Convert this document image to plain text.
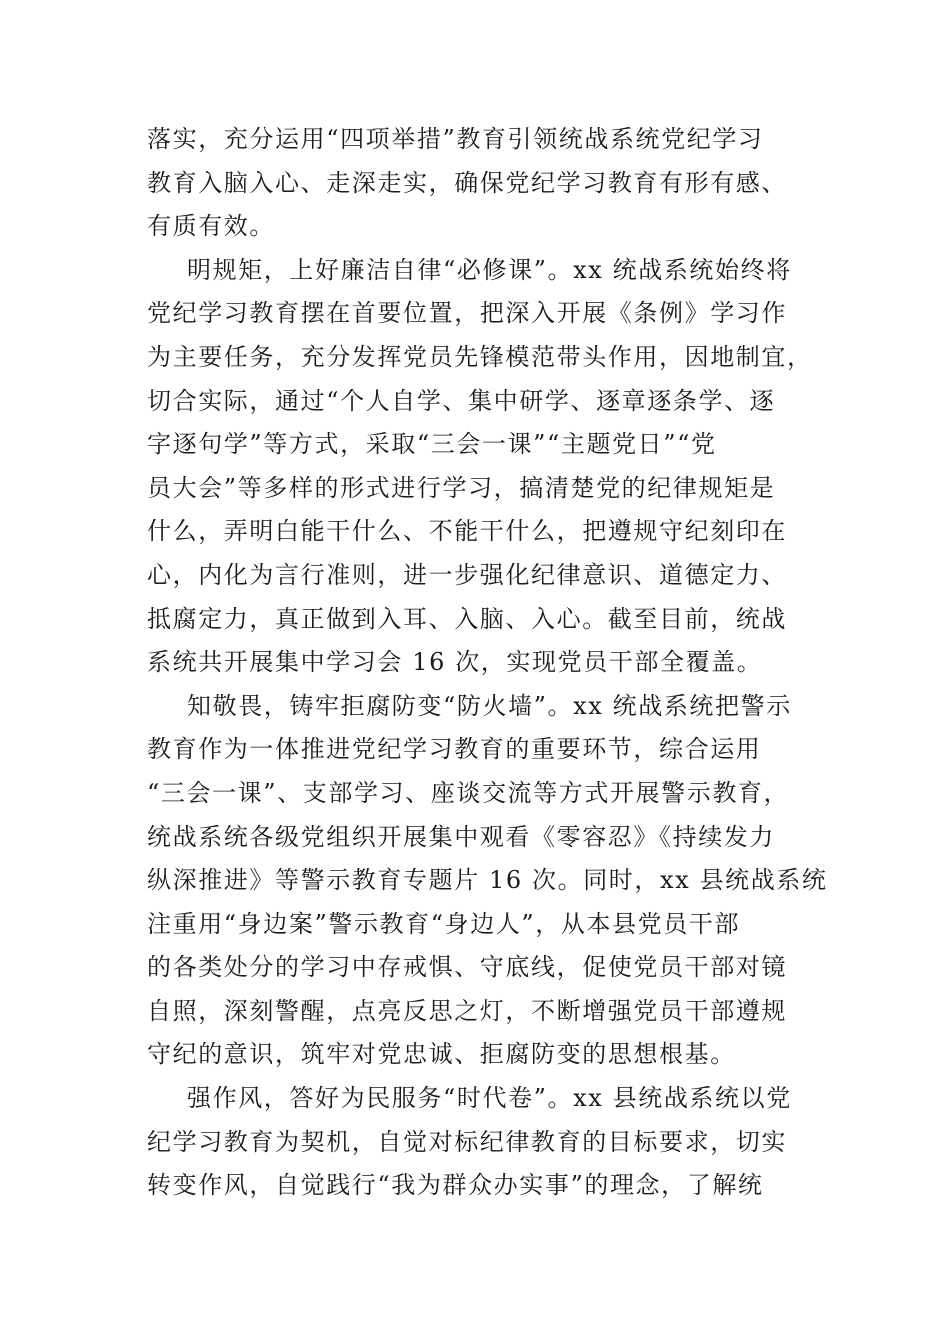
落实，充分运用“四项举措”教育引领统战系统党纪学习
教育入脑入心、走深走实，确保党纪学习教育有形有感、
有质有效。
明规矩，上好廉洁自律“必修课”。xx 统战系统始终将
党纪学习教育摆在首要位置，把深入开展《条例》学习作
为主要任务，充分发挥党员先锋模范带头作用，因地制宜，
切合实际，通过“个人自学、集中研学、逐章逐条学、逐
字逐句学”等方式，采取“三会一课”“主题党日”“党
员大会”等多样的形式进行学习，搞清楚党的纪律规矩是
什么，弄明白能干什么、不能干什么，把遵规守纪刻印在
心，内化为言行准则，进一步强化纪律意识、道德定力、
抵腐定力，真正做到入耳、入脑、入心。截至目前，统战
系统共开展集中学习会 16 次，实现党员干部全覆盖。
知敬畏，铸牢拒腐防变“防火墙”。xx 统战系统把警示
教育作为一体推进党纪学习教育的重要环节，综合运用
“三会一课”、支部学习、座谈交流等方式开展警示教育，
统战系统各级党组织开展集中观看《零容忍》《持续发力
纵深推进》等警示教育专题片 16 次。同时，xx 县统战系统
注重用“身边案”警示教育“身边人”，从本县党员干部
的各类处分的学习中存戒惧、守底线，促使党员干部对镜
自照，深刻警醒，点亮反思之灯，不断增强党员干部遵规
守纪的意识，筑牢对党忠诚、拒腐防变的思想根基。
强作风，答好为民服务“时代卷”。xx 县统战系统以党
纪学习教育为契机，自觉对标纪律教育的目标要求，切实
转变作风，自觉践行“我为群众办实事”的理念，了解统
